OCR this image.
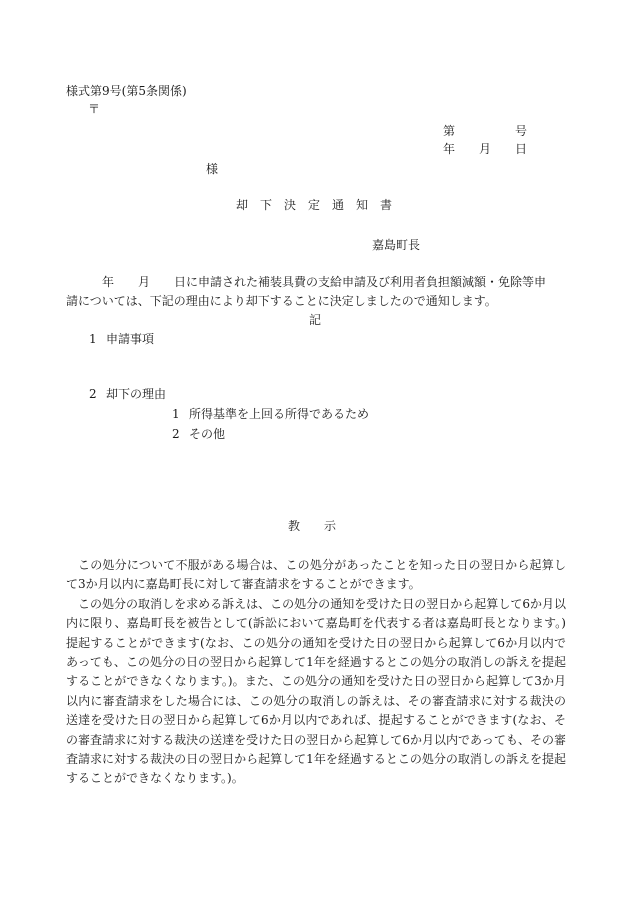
様式第9号(第5条関係)
〒
第　　　　　号
年　　月　　日
様
却　下　決　定　通　知　書
嘉島町長
　　　年　　月　　日に申請された補装具費の支給申請及び利用者負担額減額・免除等申
請については、下記の理由により却下することに決定しましたので通知します。
記
1 申請事項
2 却下の理由
1 所得基準を上回る所得であるため
2 その他
教　　示

この処分について不服がある場合は、この処分があったことを知った日の翌日から起算して3か月以内に嘉島町長に対して審査請求をすることができます。

この処分の取消しを求める訴えは、この処分の通知を受けた日の翌日から起算して6か月以内に限り、嘉島町長を被告として(訴訟において嘉島町を代表する者は嘉島町長となります。)提起することができます(なお、この処分の通知を受けた日の翌日から起算して6か月以内であっても、この処分の日の翌日から起算して1年を経過するとこの処分の取消しの訴えを提起することができなくなります。)。また、この処分の通知を受けた日の翌日から起算して3か月以内に審査請求をした場合には、この処分の取消しの訴えは、その審査請求に対する裁決の送達を受けた日の翌日から起算して6か月以内であれば、提起することができます(なお、その審査請求に対する裁決の送達を受けた日の翌日から起算して6か月以内であっても、その審査請求に対する裁決の日の翌日から起算して1年を経過するとこの処分の取消しの訴えを提起することができなくなります。)。
